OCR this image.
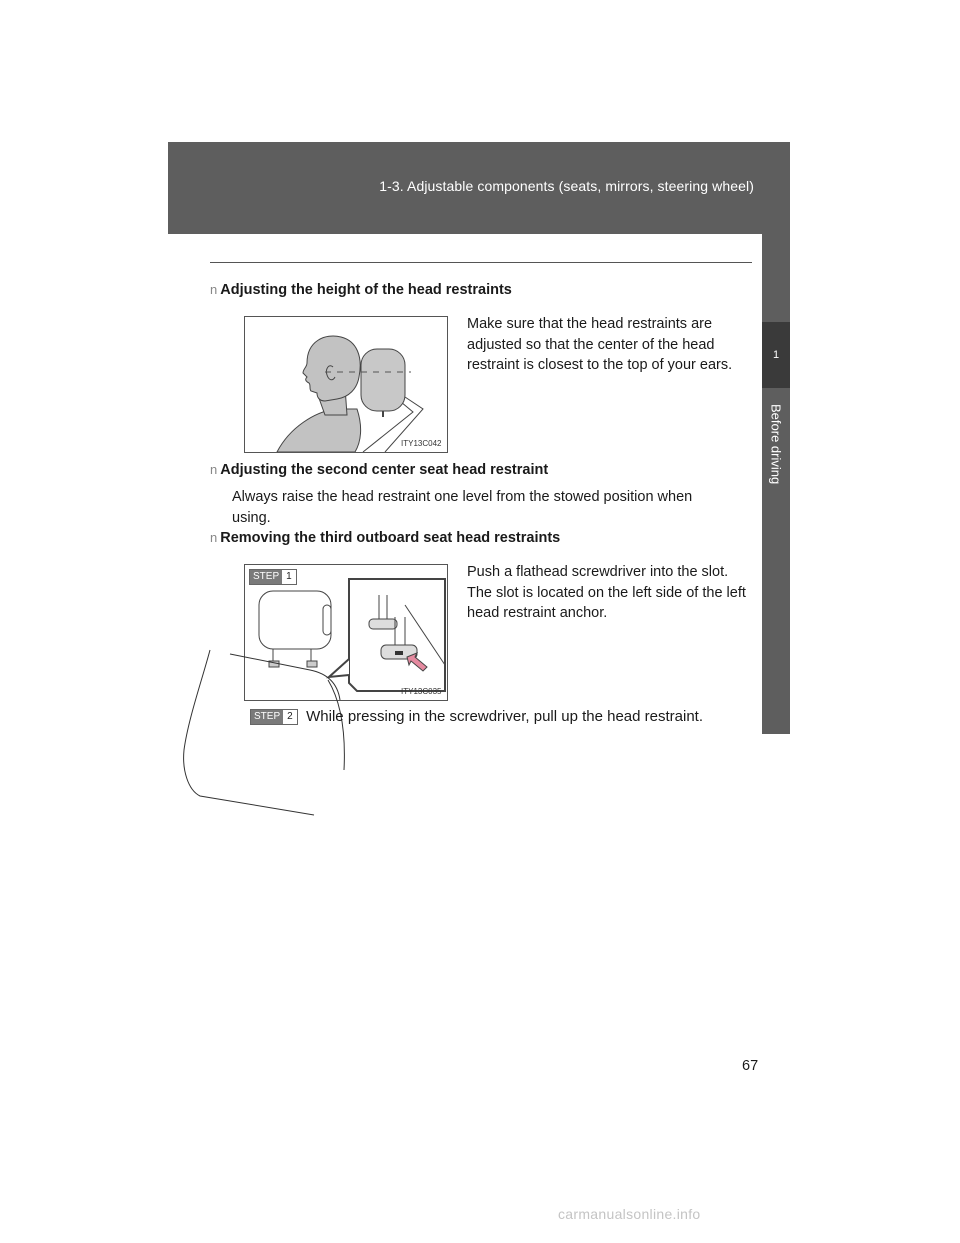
1-3. Adjustable components (seats, mirrors, steering wheel)
1
Before driving
n Adjusting the height of the head restraints
ITY13C042
Make sure that the head restraints are adjusted so that the center of the head restraint is closest to the top of your ears.
n Adjusting the second center seat head restraint
Always raise the head restraint one level from the stowed position when using.
n Removing the third outboard seat head restraints
STEP 1
ITY13C035
Push a flathead screwdriver into the slot. The slot is located on the left side of the left head restraint anchor.
STEP 2 While pressing in the screwdriver, pull up the head restraint.
67
carmanualsonline.info
